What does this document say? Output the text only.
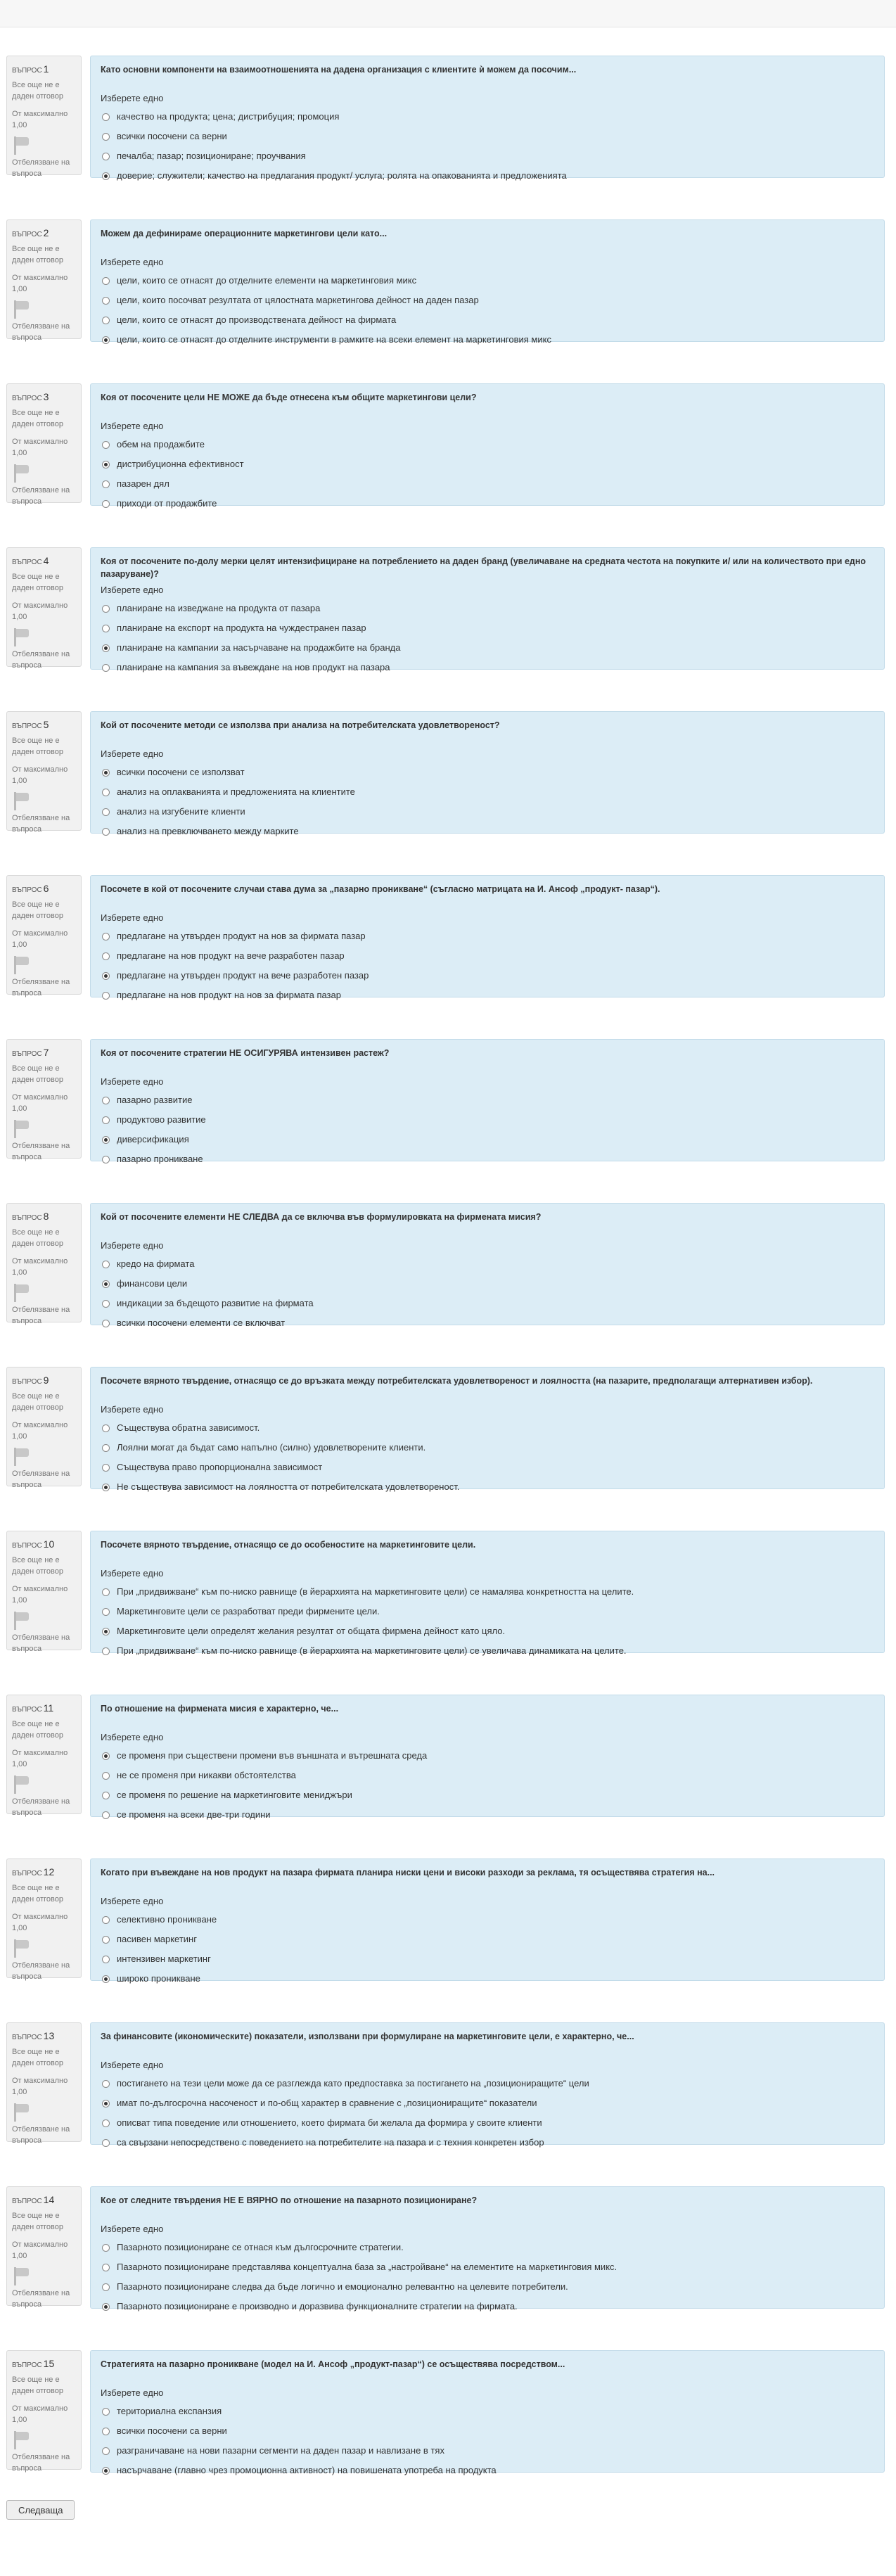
ВЪПРОС 1
Все още не е даден отговор
От максимално 1,00
Отбелязване на въпроса
Като основни компоненти на взаимоотношенията на дадена организация с клиентите ѝ можем да посочим...
Изберете едно
качество на продукта; цена; дистрибуция; промоция
всички посочени са верни
печалба; пазар; позициониране; проучвания
доверие; служители; качество на предлагания продукт/ услуга; ролята на опакованията и предложенията
ВЪПРОС 2
Все още не е даден отговор
От максимално 1,00
Отбелязване на въпроса
Можем да дефинираме операционните маркетингови цели като...
Изберете едно
цели, които се отнасят до отделните елементи на маркетинговия микс
цели, които посочват резултата от цялостната маркетингова дейност на даден пазар
цели, които се отнасят до производствената дейност на фирмата
цели, които се отнасят до отделните инструменти в рамките на всеки елемент на маркетинговия микс
ВЪПРОС 3
Все още не е даден отговор
От максимално 1,00
Отбелязване на въпроса
Коя от посочените цели НЕ МОЖЕ да бъде отнесена към общите маркетингови цели?
Изберете едно
обем на продажбите
дистрибуционна ефективност
пазарен дял
приходи от продажбите
ВЪПРОС 4
Все още не е даден отговор
От максимално 1,00
Отбелязване на въпроса
Коя от посочените по-долу мерки целят интензифициране на потреблението на даден бранд (увеличаване на средната честота на покупките и/ или на количеството при едно пазаруване)?
Изберете едно
планиране на изведжане на продукта от пазара
планиране на експорт на продукта на чуждестранен пазар
планиране на кампании за насърчаване на продажбите на бранда
планиране на кампания за въвеждане на нов продукт на пазара
ВЪПРОС 5
Все още не е даден отговор
От максимално 1,00
Отбелязване на въпроса
Кой от посочените методи се използва при анализа на потребителската удовлетвореност?
Изберете едно
всички посочени се използват
анализ на оплакванията и предложенията на клиентите
анализ на изгубените клиенти
анализ на превключването между марките
ВЪПРОС 6
Все още не е даден отговор
От максимално 1,00
Отбелязване на въпроса
Посочете в кой от посочените случаи става дума за „пазарно проникване“ (съгласно матрицата на И. Ансоф „продукт- пазар“).
Изберете едно
предлагане на утвърден продукт на нов за фирмата пазар
предлагане на нов продукт на вече разработен пазар
предлагане на утвърден продукт на вече разработен пазар
предлагане на нов продукт на нов за фирмата пазар
ВЪПРОС 7
Все още не е даден отговор
От максимално 1,00
Отбелязване на въпроса
Коя от посочените стратегии НЕ ОСИГУРЯВА интензивен растеж?
Изберете едно
пазарно развитие
продуктово развитие
диверсификация
пазарно проникване
ВЪПРОС 8
Все още не е даден отговор
От максимално 1,00
Отбелязване на въпроса
Кой от посочените елементи НЕ СЛЕДВА да се включва във формулировката на фирмената мисия?
Изберете едно
кредо на фирмата
финансови цели
индикации за бъдещото развитие на фирмата
всички посочени елементи се включват
ВЪПРОС 9
Все още не е даден отговор
От максимално 1,00
Отбелязване на въпроса
Посочете вярното твърдение, отнасящо се до връзката между потребителската удовлетвореност и лоялността (на пазарите, предполагащи алтернативен избор).
Изберете едно
Съществува обратна зависимост.
Лоялни могат да бъдат само напълно (силно) удовлетворените клиенти.
Съществува право пропорционална зависимост
Не съществува зависимост на лоялността от потребителската удовлетвореност.
ВЪПРОС 10
Все още не е даден отговор
От максимално 1,00
Отбелязване на въпроса
Посочете вярното твърдение, отнасящо се до особеностите на маркетинговите цели.
Изберете едно
При „придвижване“ към по-ниско равнище (в йерархията на маркетинговите цели) се намалява конкретността на целите.
Маркетинговите цели се разработват преди фирмените цели.
Маркетинговите цели определят желания резултат от общата фирмена дейност като цяло.
При „придвижване“ към по-ниско равнище (в йерархията на маркетинговите цели) се увеличава динамиката на целите.
ВЪПРОС 11
Все още не е даден отговор
От максимално 1,00
Отбелязване на въпроса
По отношение на фирмената мисия е характерно, че...
Изберете едно
се променя при съществени промени във външната и вътрешната среда
не се променя при никакви обстоятелства
се променя по решение на маркетинговите мениджъри
се променя на всеки две-три години
ВЪПРОС 12
Все още не е даден отговор
От максимално 1,00
Отбелязване на въпроса
Когато при въвеждане на нов продукт на пазара фирмата планира ниски цени и високи разходи за реклама, тя осъществява стратегия на...
Изберете едно
селективно проникване
пасивен маркетинг
интензивен маркетинг
широко проникване
ВЪПРОС 13
Все още не е даден отговор
От максимално 1,00
Отбелязване на въпроса
За финансовите (икономическите) показатели, използвани при формулиране на маркетинговите цели, е характерно, че...
Изберете едно
постигането на тези цели може да се разглежда като предпоставка за постигането на „позициониращите“ цели
имат по-дългосрочна насоченост и по-общ характер в сравнение с „позициониращите“ показатели
описват типа поведение или отношението, което фирмата би желала да формира у своите клиенти
са свързани непосредствено с поведението на потребителите на пазара и с техния конкретен избор
ВЪПРОС 14
Все още не е даден отговор
От максимално 1,00
Отбелязване на въпроса
Кое от следните твърдения НЕ Е ВЯРНО по отношение на пазарното позициониране?
Изберете едно
Пазарното позициониране се отнася към дългосрочните стратегии.
Пазарното позициониране представлява концептуална база за „настройване“ на елементите на маркетинговия микс.
Пазарното позициониране следва да бъде логично и емоционално релевантно на целевите потребители.
Пазарното позициониране е производно и доразвива функционалните стратегии на фирмата.
ВЪПРОС 15
Все още не е даден отговор
От максимално 1,00
Отбелязване на въпроса
Стратегията на пазарно проникване (модел на И. Ансоф „продукт-пазар“) се осъществява посредством...
Изберете едно
териториална експанзия
всички посочени са верни
разграничаване на нови пазарни сегменти на даден пазар и навлизане в тях
насърчаване (главно чрез промоционна активност) на повишената употреба на продукта
Следваща
